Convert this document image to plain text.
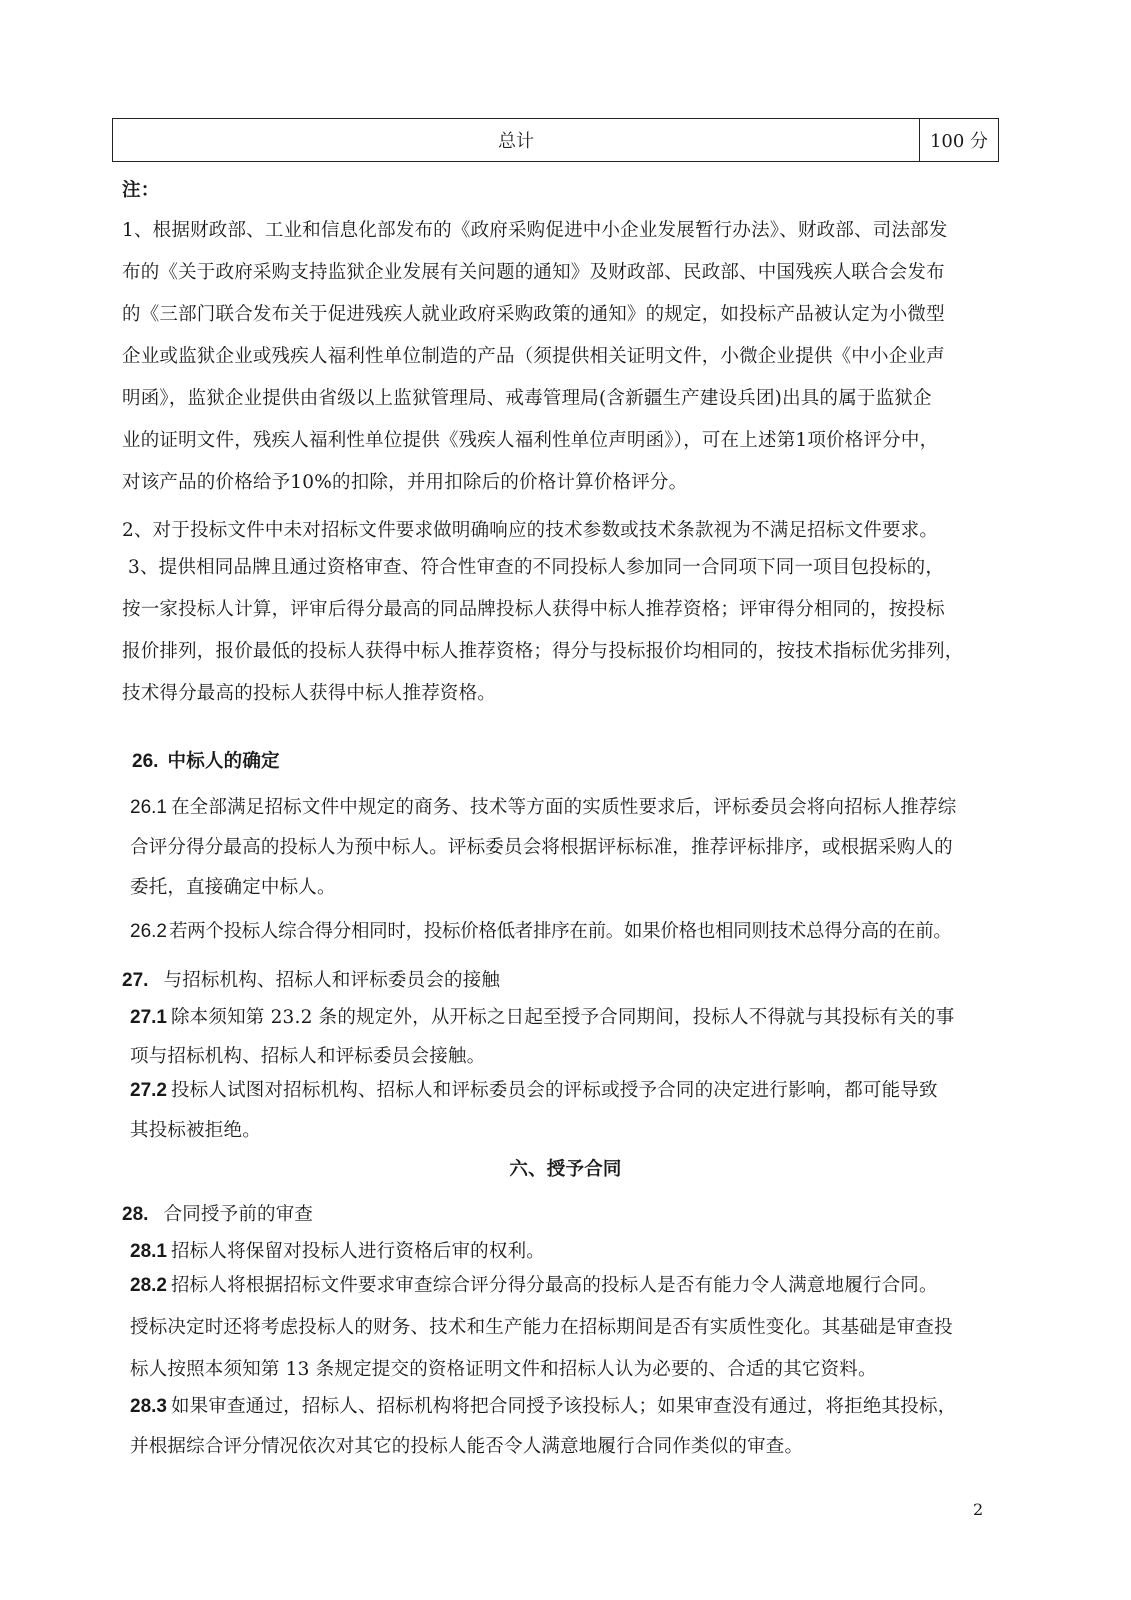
总计	100 分
注：
1、根据财政部、工业和信息化部发布的《政府采购促进中小企业发展暂行办法》、财政部、司法部发
布的《关于政府采购支持监狱企业发展有关问题的通知》及财政部、民政部、中国残疾人联合会发布
的《三部门联合发布关于促进残疾人就业政府采购政策的通知》的规定，如投标产品被认定为小微型
企业或监狱企业或残疾人福利性单位制造的产品（须提供相关证明文件，小微企业提供《中小企业声
明函》，监狱企业提供由省级以上监狱管理局、戒毒管理局(含新疆生产建设兵团)出具的属于监狱企
业的证明文件，残疾人福利性单位提供《残疾人福利性单位声明函》），可在上述第1项价格评分中，
对该产品的价格给予10%的扣除，并用扣除后的价格计算价格评分。
2、对于投标文件中未对招标文件要求做明确响应的技术参数或技术条款视为不满足招标文件要求。
3、提供相同品牌且通过资格审查、符合性审查的不同投标人参加同一合同项下同一项目包投标的，
按一家投标人计算，评审后得分最高的同品牌投标人获得中标人推荐资格；评审得分相同的，按投标
报价排列，报价最低的投标人获得中标人推荐资格；得分与投标报价均相同的，按技术指标优劣排列，
技术得分最高的投标人获得中标人推荐资格。
26. 中标人的确定
26.1 在全部满足招标文件中规定的商务、技术等方面的实质性要求后，评标委员会将向招标人推荐综
合评分得分最高的投标人为预中标人。评标委员会将根据评标标准，推荐评标排序，或根据采购人的
委托，直接确定中标人。
26.2 若两个投标人综合得分相同时，投标价格低者排序在前。如果价格也相同则技术总得分高的在前。
27. 与招标机构、招标人和评标委员会的接触
27.1 除本须知第 23.2 条的规定外，从开标之日起至授予合同期间，投标人不得就与其投标有关的事
项与招标机构、招标人和评标委员会接触。
27.2 投标人试图对招标机构、招标人和评标委员会的评标或授予合同的决定进行影响，都可能导致
其投标被拒绝。
六、授予合同
28. 合同授予前的审查
28.1 招标人将保留对投标人进行资格后审的权利。
28.2 招标人将根据招标文件要求审查综合评分得分最高的投标人是否有能力令人满意地履行合同。
授标决定时还将考虑投标人的财务、技术和生产能力在招标期间是否有实质性变化。其基础是审查投
标人按照本须知第 13 条规定提交的资格证明文件和招标人认为必要的、合适的其它资料。
28.3 如果审查通过，招标人、招标机构将把合同授予该投标人；如果审查没有通过，将拒绝其投标，
并根据综合评分情况依次对其它的投标人能否令人满意地履行合同作类似的审查。
2
